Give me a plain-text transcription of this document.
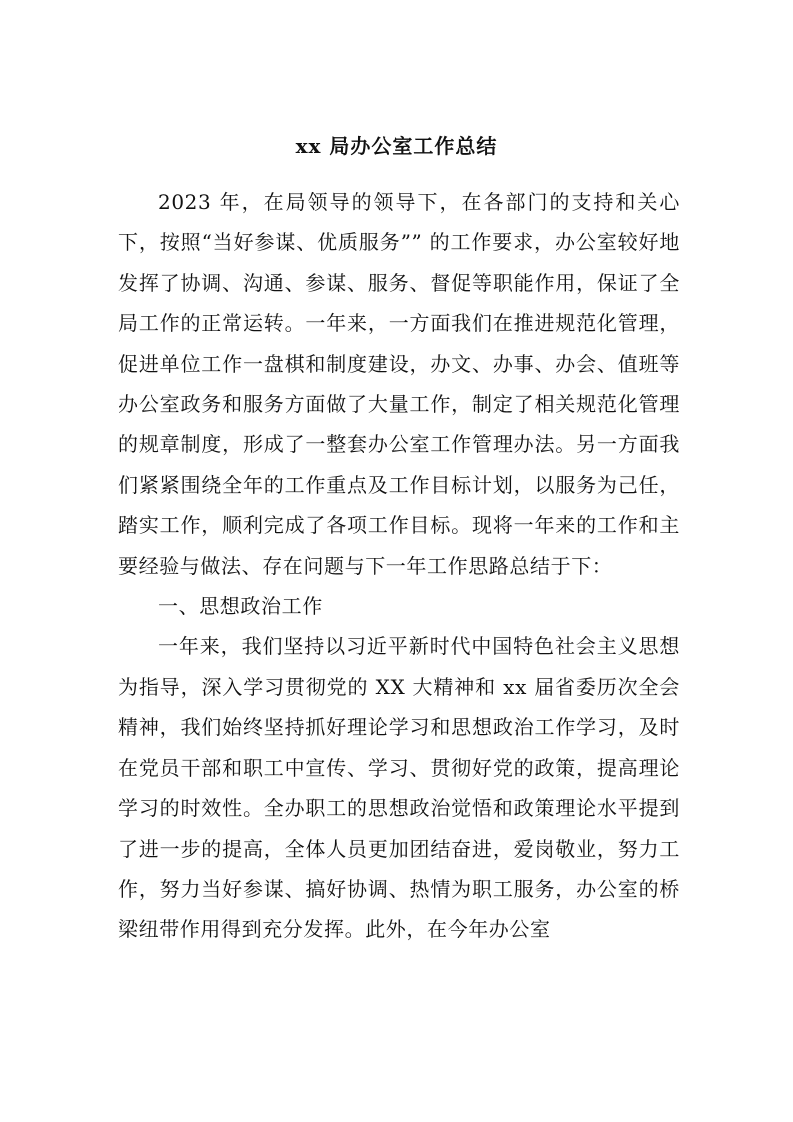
xx 局办公室工作总结

2023 年，在局领导的领导下，在各部门的支持和关心下，按照“当好参谋、优质服务”” 的工作要求，办公室较好地发挥了协调、沟通、参谋、服务、督促等职能作用，保证了全局工作的正常运转。一年来，一方面我们在推进规范化管理，促进单位工作一盘棋和制度建设，办文、办事、办会、值班等办公室政务和服务方面做了大量工作，制定了相关规范化管理的规章制度，形成了一整套办公室工作管理办法。另一方面我们紧紧围绕全年的工作重点及工作目标计划，以服务为己任，踏实工作，顺利完成了各项工作目标。现将一年来的工作和主要经验与做法、存在问题与下一年工作思路总结于下：

一、思想政治工作

一年来，我们坚持以习近平新时代中国特色社会主义思想为指导，深入学习贯彻党的 XX 大精神和 xx 届省委历次全会精神，我们始终坚持抓好理论学习和思想政治工作学习，及时在党员干部和职工中宣传、学习、贯彻好党的政策，提高理论学习的时效性。全办职工的思想政治觉悟和政策理论水平提到了进一步的提高，全体人员更加团结奋进，爱岗敬业，努力工作，努力当好参谋、搞好协调、热情为职工服务，办公室的桥梁纽带作用得到充分发挥。此外，在今年办公室
